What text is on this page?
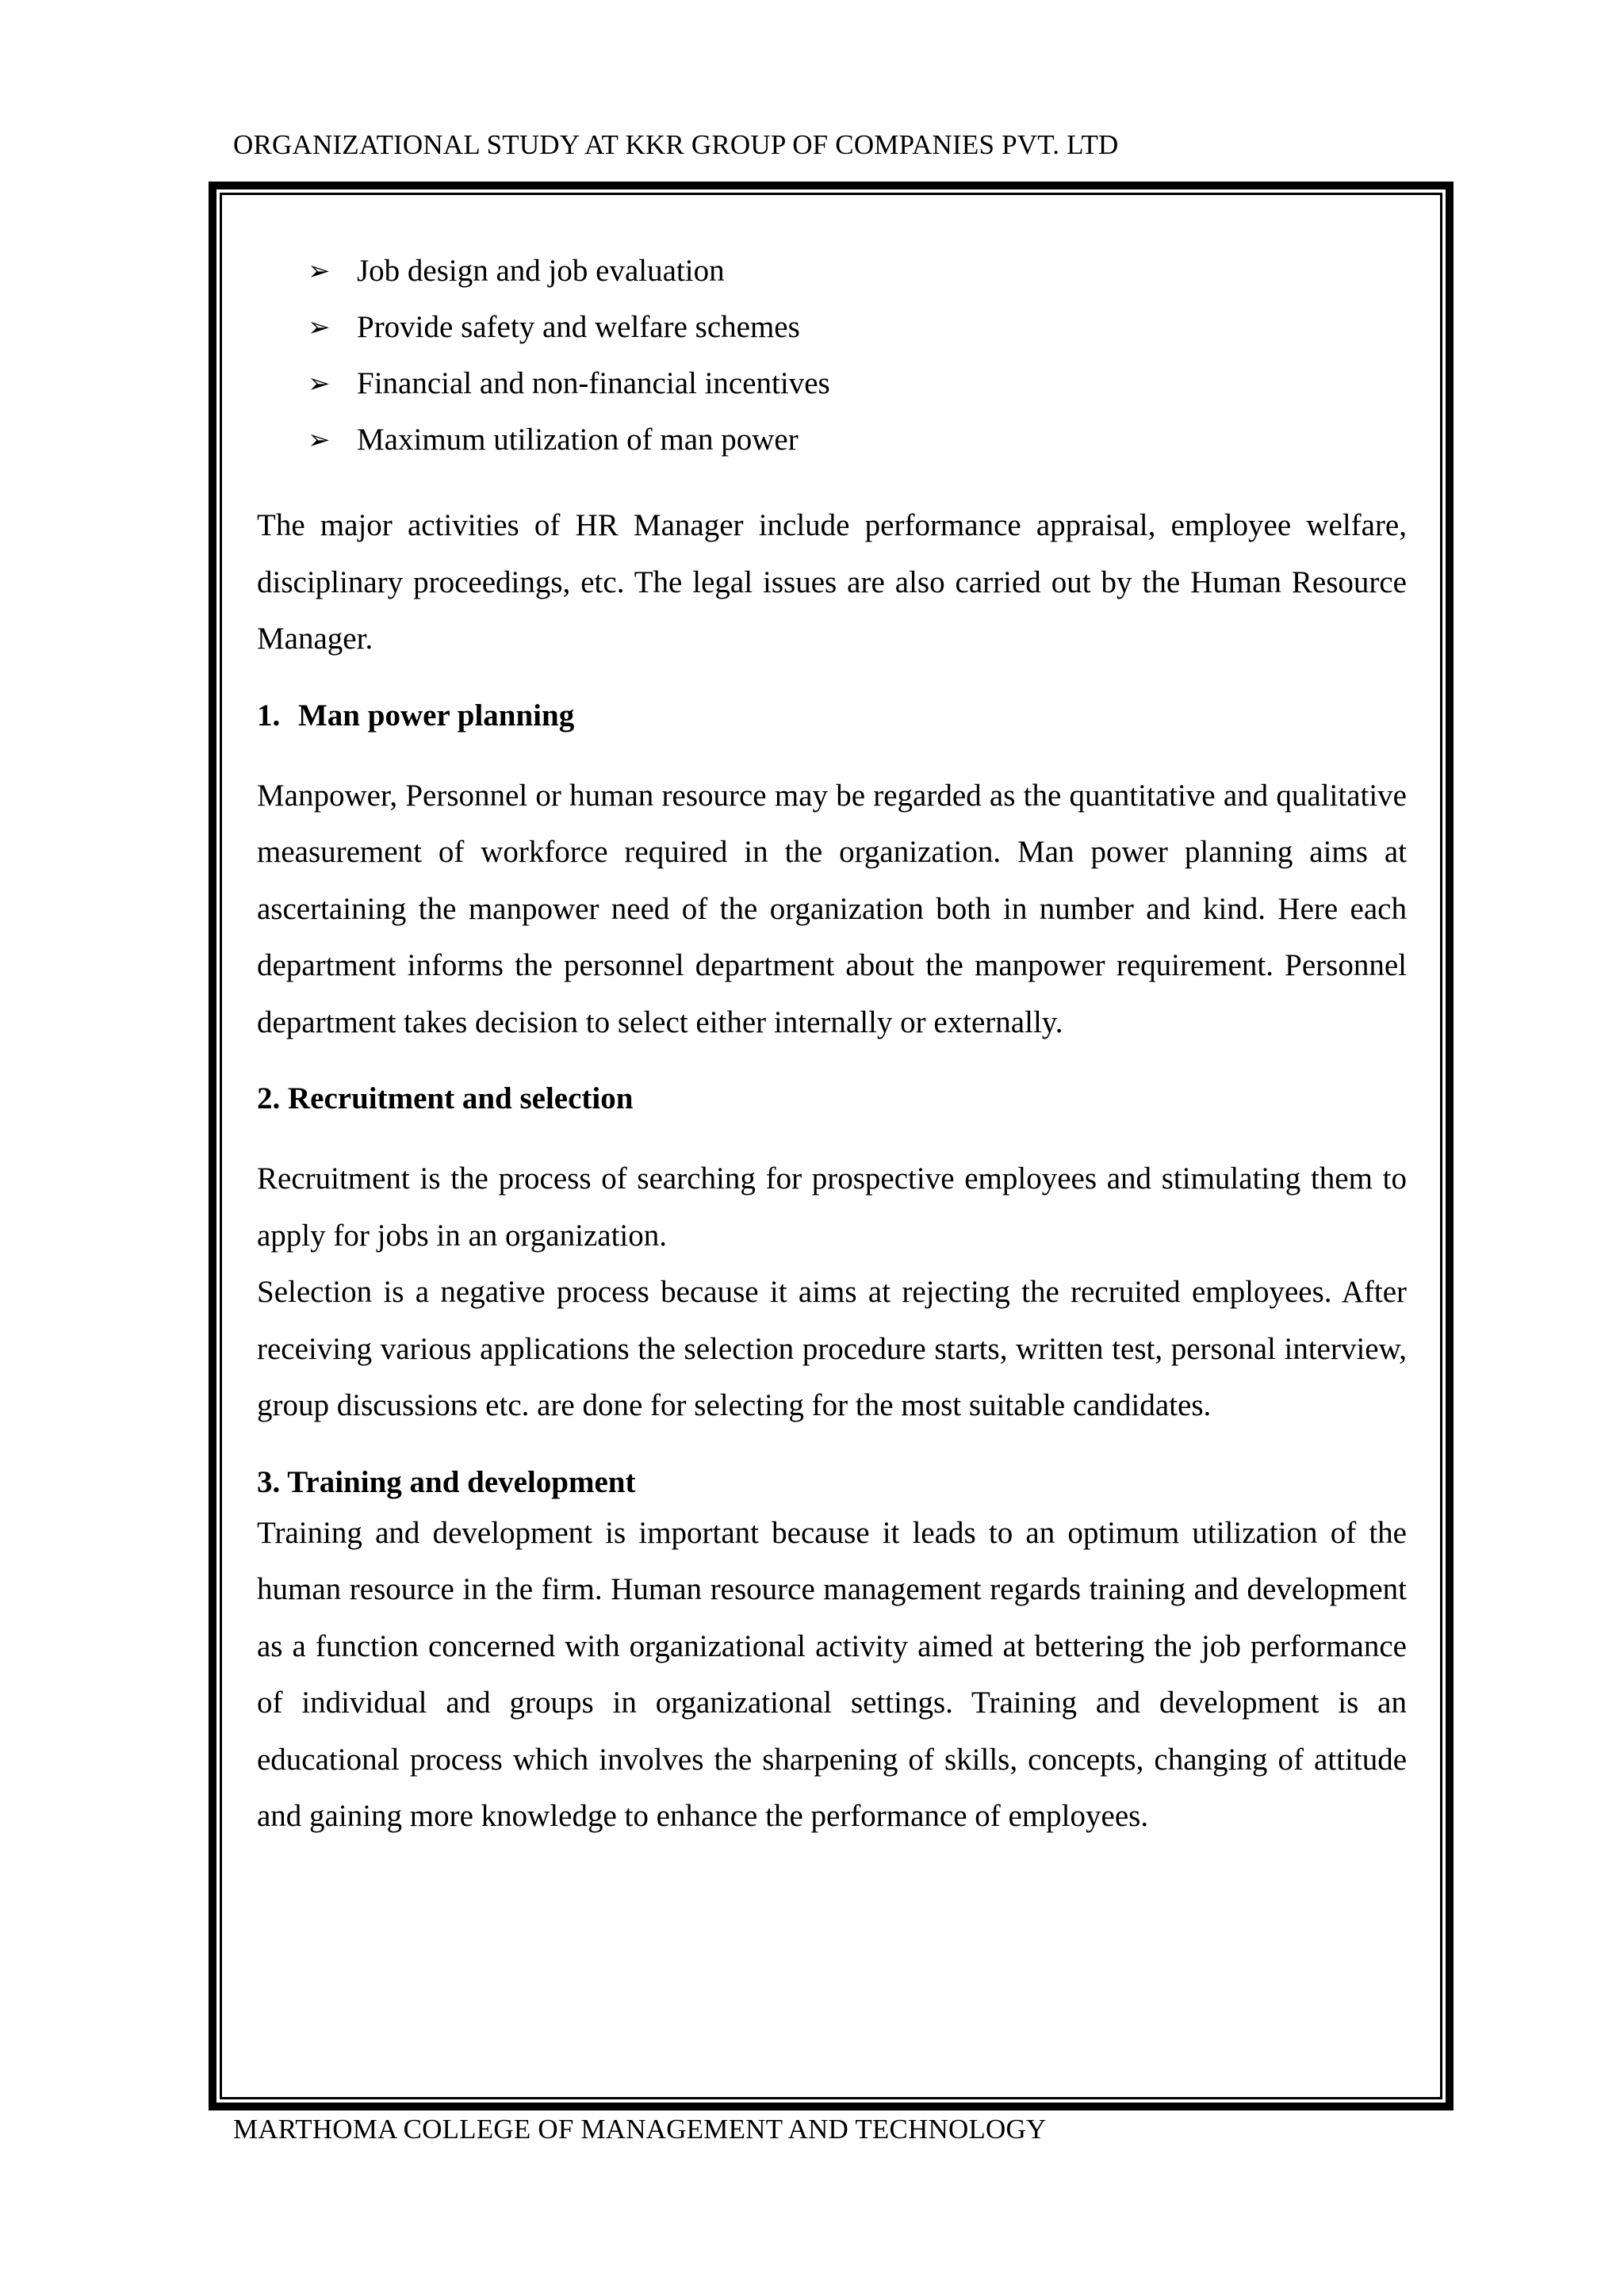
ORGANIZATIONAL STUDY AT KKR GROUP OF COMPANIES PVT. LTD
➢ Job design and job evaluation
➢ Provide safety and welfare schemes
➢ Financial and non-financial incentives
➢ Maximum utilization of man power

The major activities of HR Manager include performance appraisal, employee welfare, disciplinary proceedings, etc. The legal issues are also carried out by the Human Resource Manager.

1. Man power planning

Manpower, Personnel or human resource may be regarded as the quantitative and qualitative measurement of workforce required in the organization. Man power planning aims at ascertaining the manpower need of the organization both in number and kind. Here each department informs the personnel department about the manpower requirement. Personnel department takes decision to select either internally or externally.

2. Recruitment and selection

Recruitment is the process of searching for prospective employees and stimulating them to apply for jobs in an organization.

Selection is a negative process because it aims at rejecting the recruited employees. After receiving various applications the selection procedure starts, written test, personal interview, group discussions etc. are done for selecting for the most suitable candidates.

3. Training and development

Training and development is important because it leads to an optimum utilization of the human resource in the firm. Human resource management regards training and development as a function concerned with organizational activity aimed at bettering the job performance of individual and groups in organizational settings. Training and development is an educational process which involves the sharpening of skills, concepts, changing of attitude and gaining more knowledge to enhance the performance of employees.

MARTHOMA COLLEGE OF MANAGEMENT AND TECHNOLOGY
